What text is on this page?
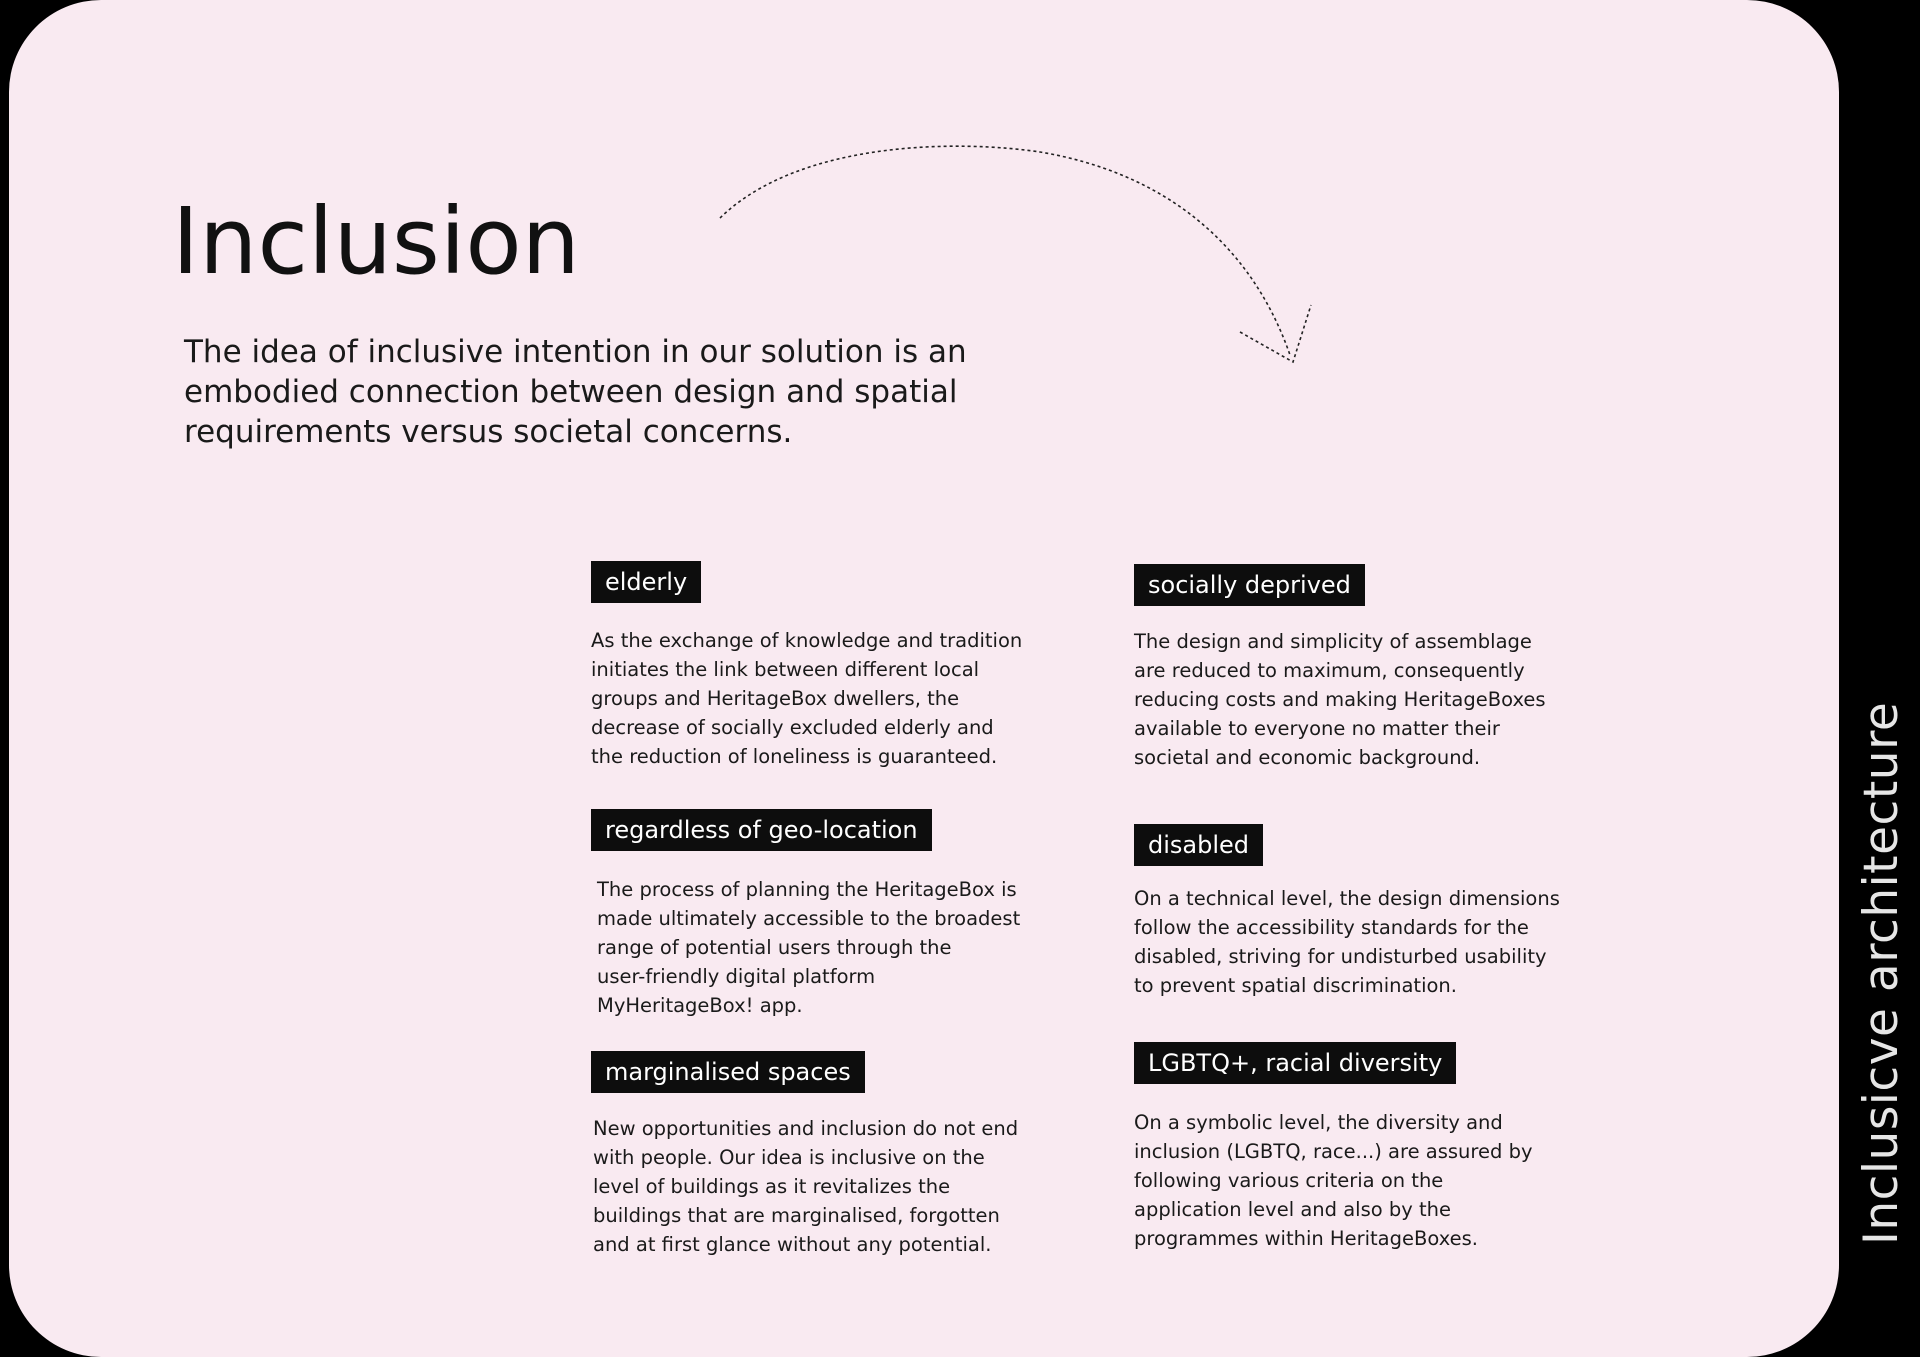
Inclusion

The idea of inclusive intention in our solution is an embodied connection between design and spatial requirements versus societal concerns.

elderly

As the exchange of knowledge and tradition
initiates the link between different local
groups and HeritageBox dwellers, the
decrease of socially excluded elderly and
the reduction of loneliness is guaranteed.

regardless of geo-location

The process of planning the HeritageBox is
made ultimately accessible to the broadest
range of potential users through the
user-friendly digital platform
MyHeritageBox! app.

marginalised spaces

New opportunities and inclusion do not end
with people. Our idea is inclusive on the
level of buildings as it revitalizes the
buildings that are marginalised, forgotten
and at first glance without any potential.

socially deprived

The design and simplicity of assemblage
are reduced to maximum, consequently
reducing costs and making HeritageBoxes
available to everyone no matter their
societal and economic background.

disabled

On a technical level, the design dimensions
follow the accessibility standards for the
disabled, striving for undisturbed usability
to prevent spatial discrimination.

LGBTQ+, racial diversity

On a symbolic level, the diversity and
inclusion (LGBTQ, race...) are assured by
following various criteria on the
application level and also by the
programmes within HeritageBoxes.	Inclusicve architecture
